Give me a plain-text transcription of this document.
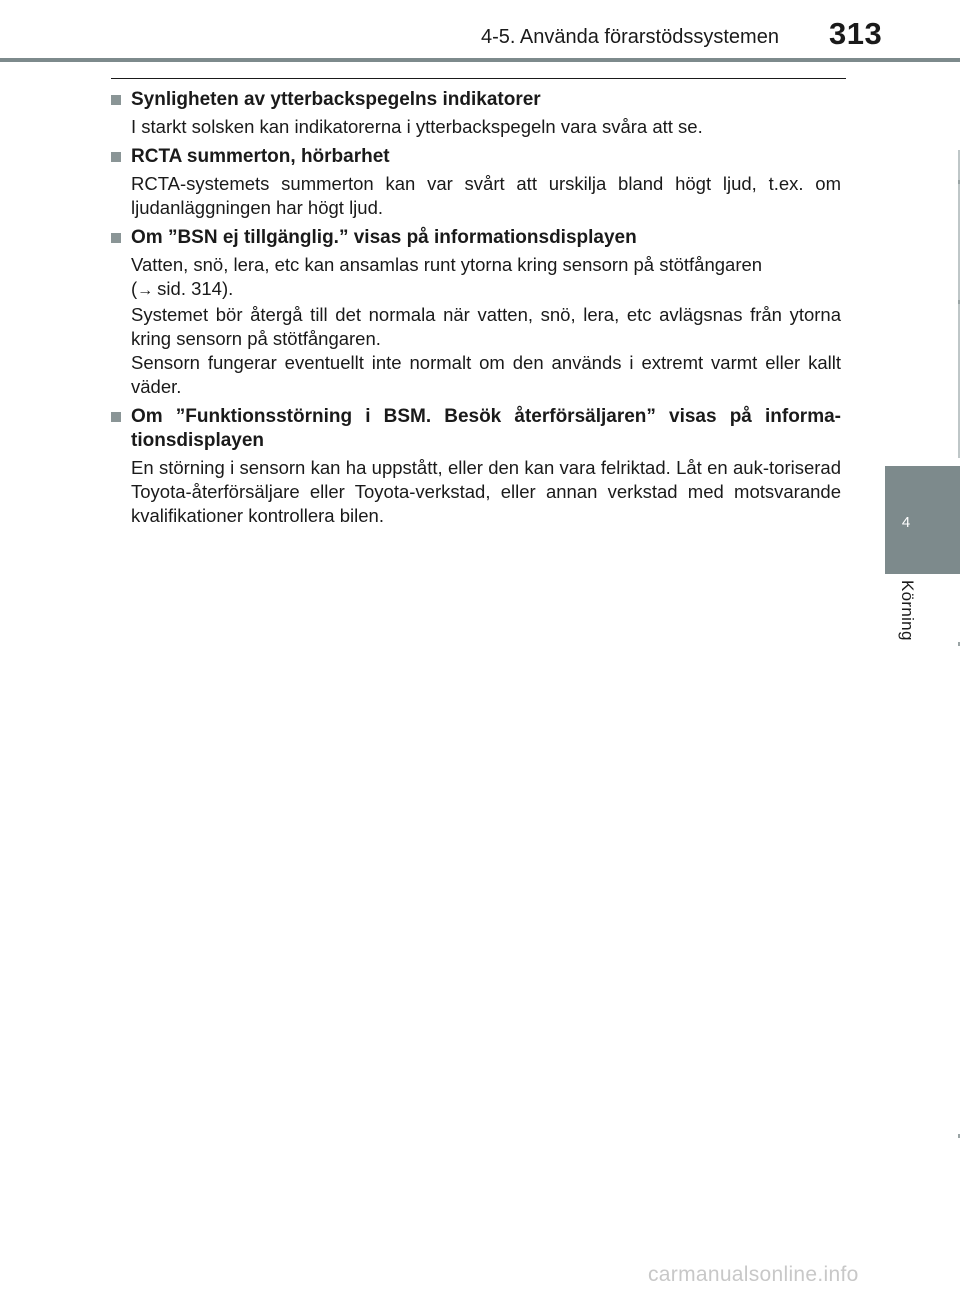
4-5. Använda förarstödssystemen 313
4
Körning
Synligheten av ytterbackspegelns indikatorer

I starkt solsken kan indikatorerna i ytterbackspegeln vara svåra att se.

RCTA summerton, hörbarhet

RCTA-systemets summerton kan var svårt att urskilja bland högt ljud, t.ex. om ljudanläggningen har högt ljud.

Om ”BSN ej tillgänglig.” visas på informationsdisplayen

Vatten, snö, lera, etc kan ansamlas runt ytorna kring sensorn på stötfångaren

(→ sid. 314).

Systemet bör återgå till det normala när vatten, snö, lera, etc avlägsnas från ytorna kring sensorn på stötfångaren.

Sensorn fungerar eventuellt inte normalt om den används i extremt varmt eller kallt väder.

Om ”Funktionsstörning i BSM. Besök återförsäljaren” visas på informa-tionsdisplayen

En störning i sensorn kan ha uppstått, eller den kan vara felriktad. Låt en auk-toriserad Toyota-återförsäljare eller Toyota-verkstad, eller annan verkstad med motsvarande kvalifikationer kontrollera bilen.

carmanualsonline.info
